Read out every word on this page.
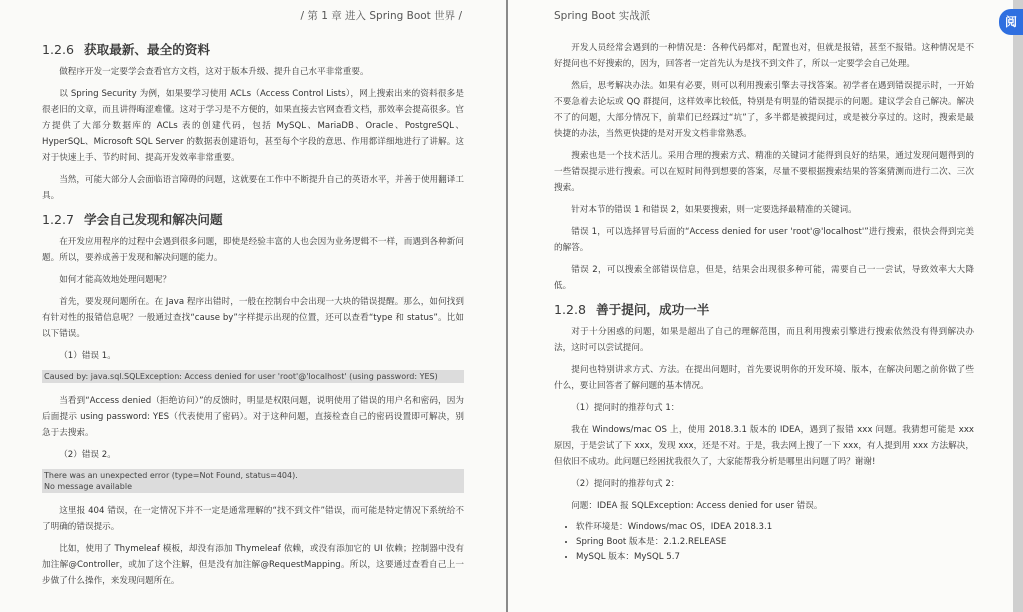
/ 第 1 章 进入 Spring Boot 世界 /
1.2.6 获取最新、最全的资料

做程序开发一定要学会查看官方文档，这对于版本升级、提升自己水平非常重要。

以 Spring Security 为例，如果要学习使用 ACLs（Access Control Lists），网上搜索出来的资料很多是很老旧的文章，而且讲得晦涩难懂。这对于学习是不方便的，如果直接去官网查看文档，那效率会提高很多。官方提供了大部分数据库的 ACLs 表的创建代码，包括 MySQL、MariaDB、Oracle、PostgreSQL、HyperSQL、Microsoft SQL Server 的数据表创建语句，甚至每个字段的意思、作用都详细地进行了讲解。这对于快速上手、节约时间、提高开发效率非常重要。

当然，可能大部分人会面临语言障碍的问题，这就要在工作中不断提升自己的英语水平，并善于使用翻译工具。

1.2.7 学会自己发现和解决问题

在开发应用程序的过程中会遇到很多问题，即使是经验丰富的人也会因为业务逻辑不一样，而遇到各种新问题。所以，要养成善于发现和解决问题的能力。

如何才能高效地处理问题呢？

首先，要发现问题所在。在 Java 程序出错时，一般在控制台中会出现一大块的错误提醒。那么，如何找到有针对性的报错信息呢？一般通过查找“cause by”字样提示出现的位置，还可以查看“type 和 status”。比如以下错误。

（1）错误 1。

Caused by: java.sql.SQLException: Access denied for user 'root'@'localhost' (using password: YES)

当看到“Access denied（拒绝访问）”的反馈时，明显是权限问题，说明使用了错误的用户名和密码，因为后面提示 using password: YES（代表使用了密码）。对于这种问题，直接检查自己的密码设置即可解决，别急于去搜索。

（2）错误 2。

There was an unexpected error (type=Not Found, status=404).
No message available

这里报 404 错误，在一定情况下并不一定是通常理解的“找不到文件”错误，而可能是特定情况下系统给不了明确的错误提示。

比如，使用了 Thymeleaf 模板，却没有添加 Thymeleaf 依赖，或没有添加它的 UI 依赖；控制器中没有加注解@Controller，或加了这个注解，但是没有加注解@RequestMapping。所以，这要通过查看自己上一步做了什么操作，来发现问题所在。

Spring Boot 实战派	阅

开发人员经常会遇到的一种情况是：各种代码都对，配置也对，但就是报错，甚至不报错。这种情况是不好提问也不好搜索的，因为，回答者一定首先认为是找不到文件了，所以一定要学会自己处理。

然后，思考解决办法。如果有必要，则可以利用搜索引擎去寻找答案。初学者在遇到错误提示时，一开始不要急着去论坛或 QQ 群提问，这样效率比较低，特别是有明显的错误提示的问题。建议学会自己解决。解决不了的问题，大部分情况下，前辈们已经踩过“坑”了，多半都是被提问过，或是被分享过的。这时，搜索是最快捷的办法，当然更快捷的是对开发文档非常熟悉。

搜索也是一个技术活儿。采用合理的搜索方式、精准的关键词才能得到良好的结果，通过发现问题得到的一些错误提示进行搜索。可以在短时间得到想要的答案，尽量不要根据搜索结果的答案猜测而进行二次、三次搜索。

针对本节的错误 1 和错误 2，如果要搜索，则一定要选择最精准的关键词。

错误 1，可以选择冒号后面的“Access denied for user 'root'@'localhost'”进行搜索，很快会得到完美的解答。

错误 2，可以搜索全部错误信息，但是，结果会出现很多种可能，需要自己一一尝试，导致效率大大降低。

1.2.8 善于提问，成功一半

对于十分困惑的问题，如果是超出了自己的理解范围，而且利用搜索引擎进行搜索依然没有得到解决办法，这时可以尝试提问。

提问也特别讲求方式、方法。在提出问题时，首先要说明你的开发环境、版本，在解决问题之前你做了些什么，要让回答者了解问题的基本情况。

（1）提问时的推荐句式 1：

我在 Windows/mac OS 上，使用 2018.3.1 版本的 IDEA，遇到了报错 xxx 问题。我猜想可能是 xxx 原因，于是尝试了下 xxx，发现 xxx，还是不对。于是，我去网上搜了一下 xxx，有人提到用 xxx 方法解决，但依旧不成功。此问题已经困扰我很久了，大家能帮我分析是哪里出问题了吗？谢谢!

（2）提问时的推荐句式 2：

问题：IDEA 报 SQLException: Access denied for user 错误。

• 软件环境是：Windows/mac OS，IDEA 2018.3.1
• Spring Boot 版本是：2.1.2.RELEASE
• MySQL 版本：MySQL 5.7
